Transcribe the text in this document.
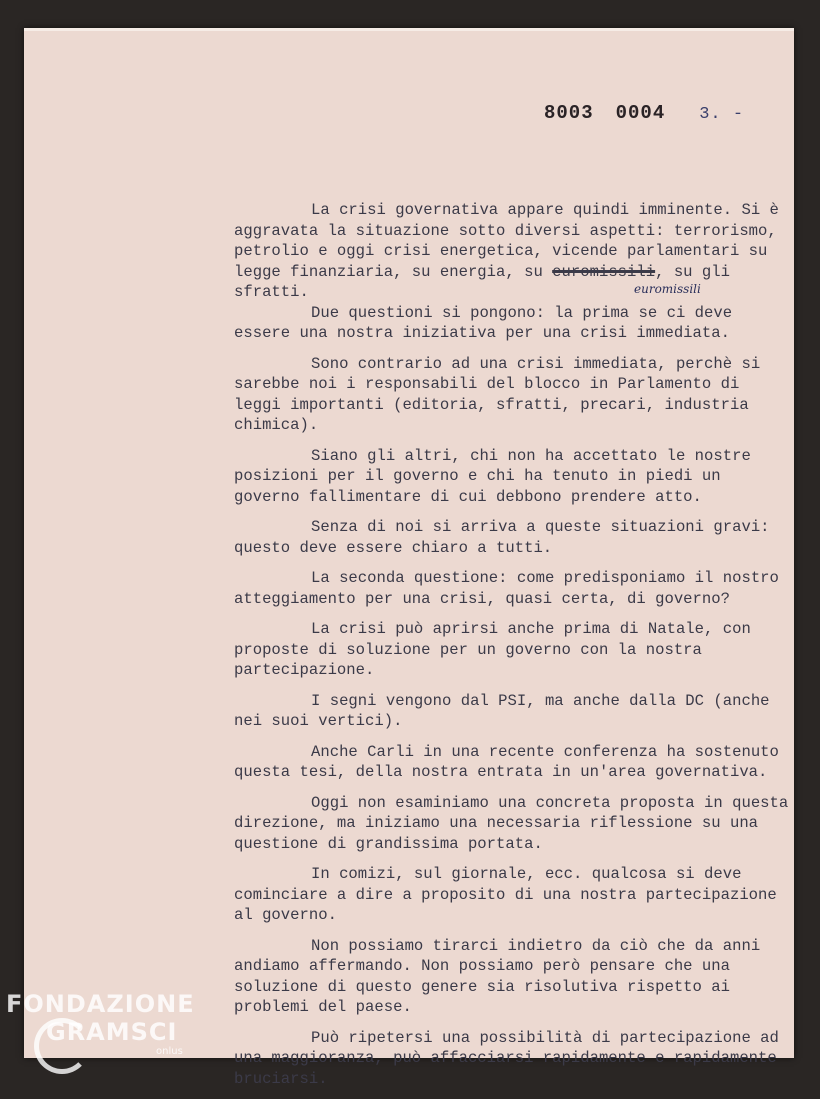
8003 0004 3. -

La crisi governativa appare quindi imminente. Si è aggravata la situazione sotto diversi aspetti: terrorismo, petrolio e oggi crisi energetica, vicende parlamentari su legge finanziaria, su energia, su euromissili, su gli sfratti.	euromissili

Due questioni si pongono: la prima se ci deve essere una nostra iniziativa per una crisi immediata.

Sono contrario ad una crisi immediata, perchè si sarebbe noi i responsabili del blocco in Parlamento di leggi importanti (editoria, sfratti, precari, industria chimica).

Siano gli altri, chi non ha accettato le nostre posizioni per il governo e chi ha tenuto in piedi un governo fallimentare di cui debbono prendere atto.

Senza di noi si arriva a queste situazioni gravi: questo deve essere chiaro a tutti.

La seconda questione: come predisponiamo il nostro atteggiamento per una crisi, quasi certa, di governo?

La crisi può aprirsi anche prima di Natale, con proposte di soluzione per un governo con la nostra partecipazione.

I segni vengono dal PSI, ma anche dalla DC (anche nei suoi vertici).

Anche Carli in una recente conferenza ha sostenuto questa tesi, della nostra entrata in un'area governativa.

Oggi non esaminiamo una concreta proposta in questa direzione, ma iniziamo una necessaria riflessione su una questione di grandissima portata.

In comizi, sul giornale, ecc. qualcosa si deve cominciare a dire a proposito di una nostra partecipazione al governo.

Non possiamo tirarci indietro da ciò che da anni andiamo affermando. Non possiamo però pensare che una soluzione di questo genere sia risolutiva rispetto ai problemi del paese.

Può ripetersi una possibilità di partecipazione ad una maggioranza, può affacciarsi rapidamente e rapidamente bruciarsi.

FONDAZIONE
GRAMSCI
onlus
